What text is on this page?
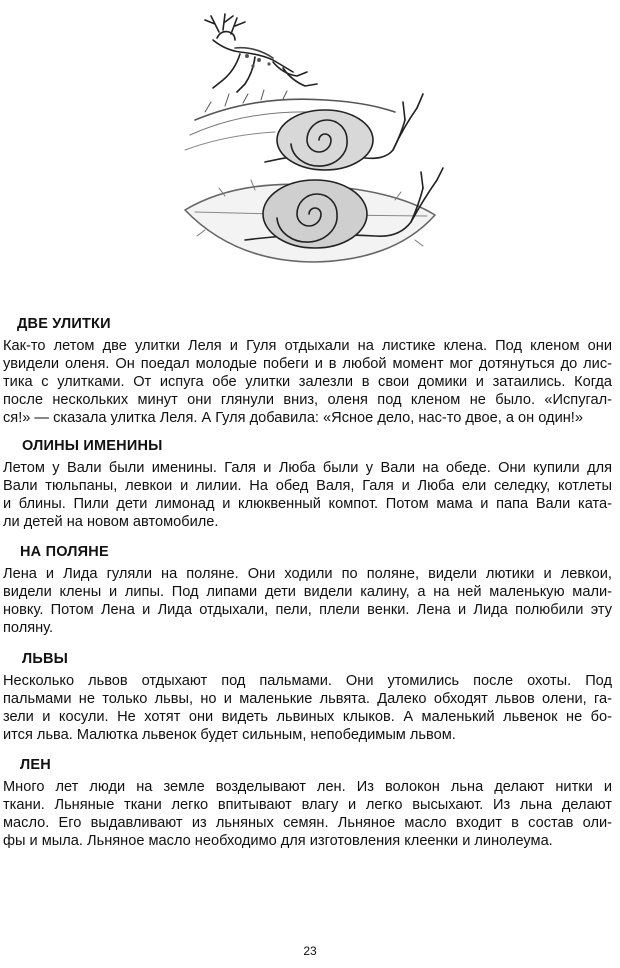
ДВЕ УЛИТКИ

Как-то летом две улитки Леля и Гуля отдыхали на листике клена. Под кленом они
увидели оленя. Он поедал молодые побеги и в любой момент мог дотянуться до лис-
тика с улитками. От испуга обе улитки залезли в свои домики и затаились. Когда
после нескольких минут они глянули вниз, оленя под кленом не было. «Испугал-
ся!» — сказала улитка Леля. А Гуля добавила: «Ясное дело, нас-то двое, а он один!»

ОЛИНЫ ИМЕНИНЫ

Летом у Вали были именины. Галя и Люба были у Вали на обеде. Они купили для
Вали тюльпаны, левкои и лилии. На обед Валя, Галя и Люба ели селедку, котлеты
и блины. Пили дети лимонад и клюквенный компот. Потом мама и папа Вали ката-
ли детей на новом автомобиле.

НА ПОЛЯНЕ

Лена и Лида гуляли на поляне. Они ходили по поляне, видели лютики и левкои,
видели клены и липы. Под липами дети видели калину, а на ней маленькую мали-
новку. Потом Лена и Лида отдыхали, пели, плели венки. Лена и Лида полюбили эту
поляну.

ЛЬВЫ

Несколько львов отдыхают под пальмами. Они утомились после охоты. Под
пальмами не только львы, но и маленькие львята. Далеко обходят львов олени, га-
зели и косули. Не хотят они видеть львиных клыков. А маленький львенок не бо-
ится льва. Малютка львенок будет сильным, непобедимым львом.

ЛЕН

Много лет люди на земле возделывают лен. Из волокон льна делают нитки и
ткани. Льняные ткани легко впитывают влагу и легко высыхают. Из льна делают
масло. Его выдавливают из льняных семян. Льняное масло входит в состав оли-
фы и мыла. Льняное масло необходимо для изготовления клеенки и линолеума.

23
